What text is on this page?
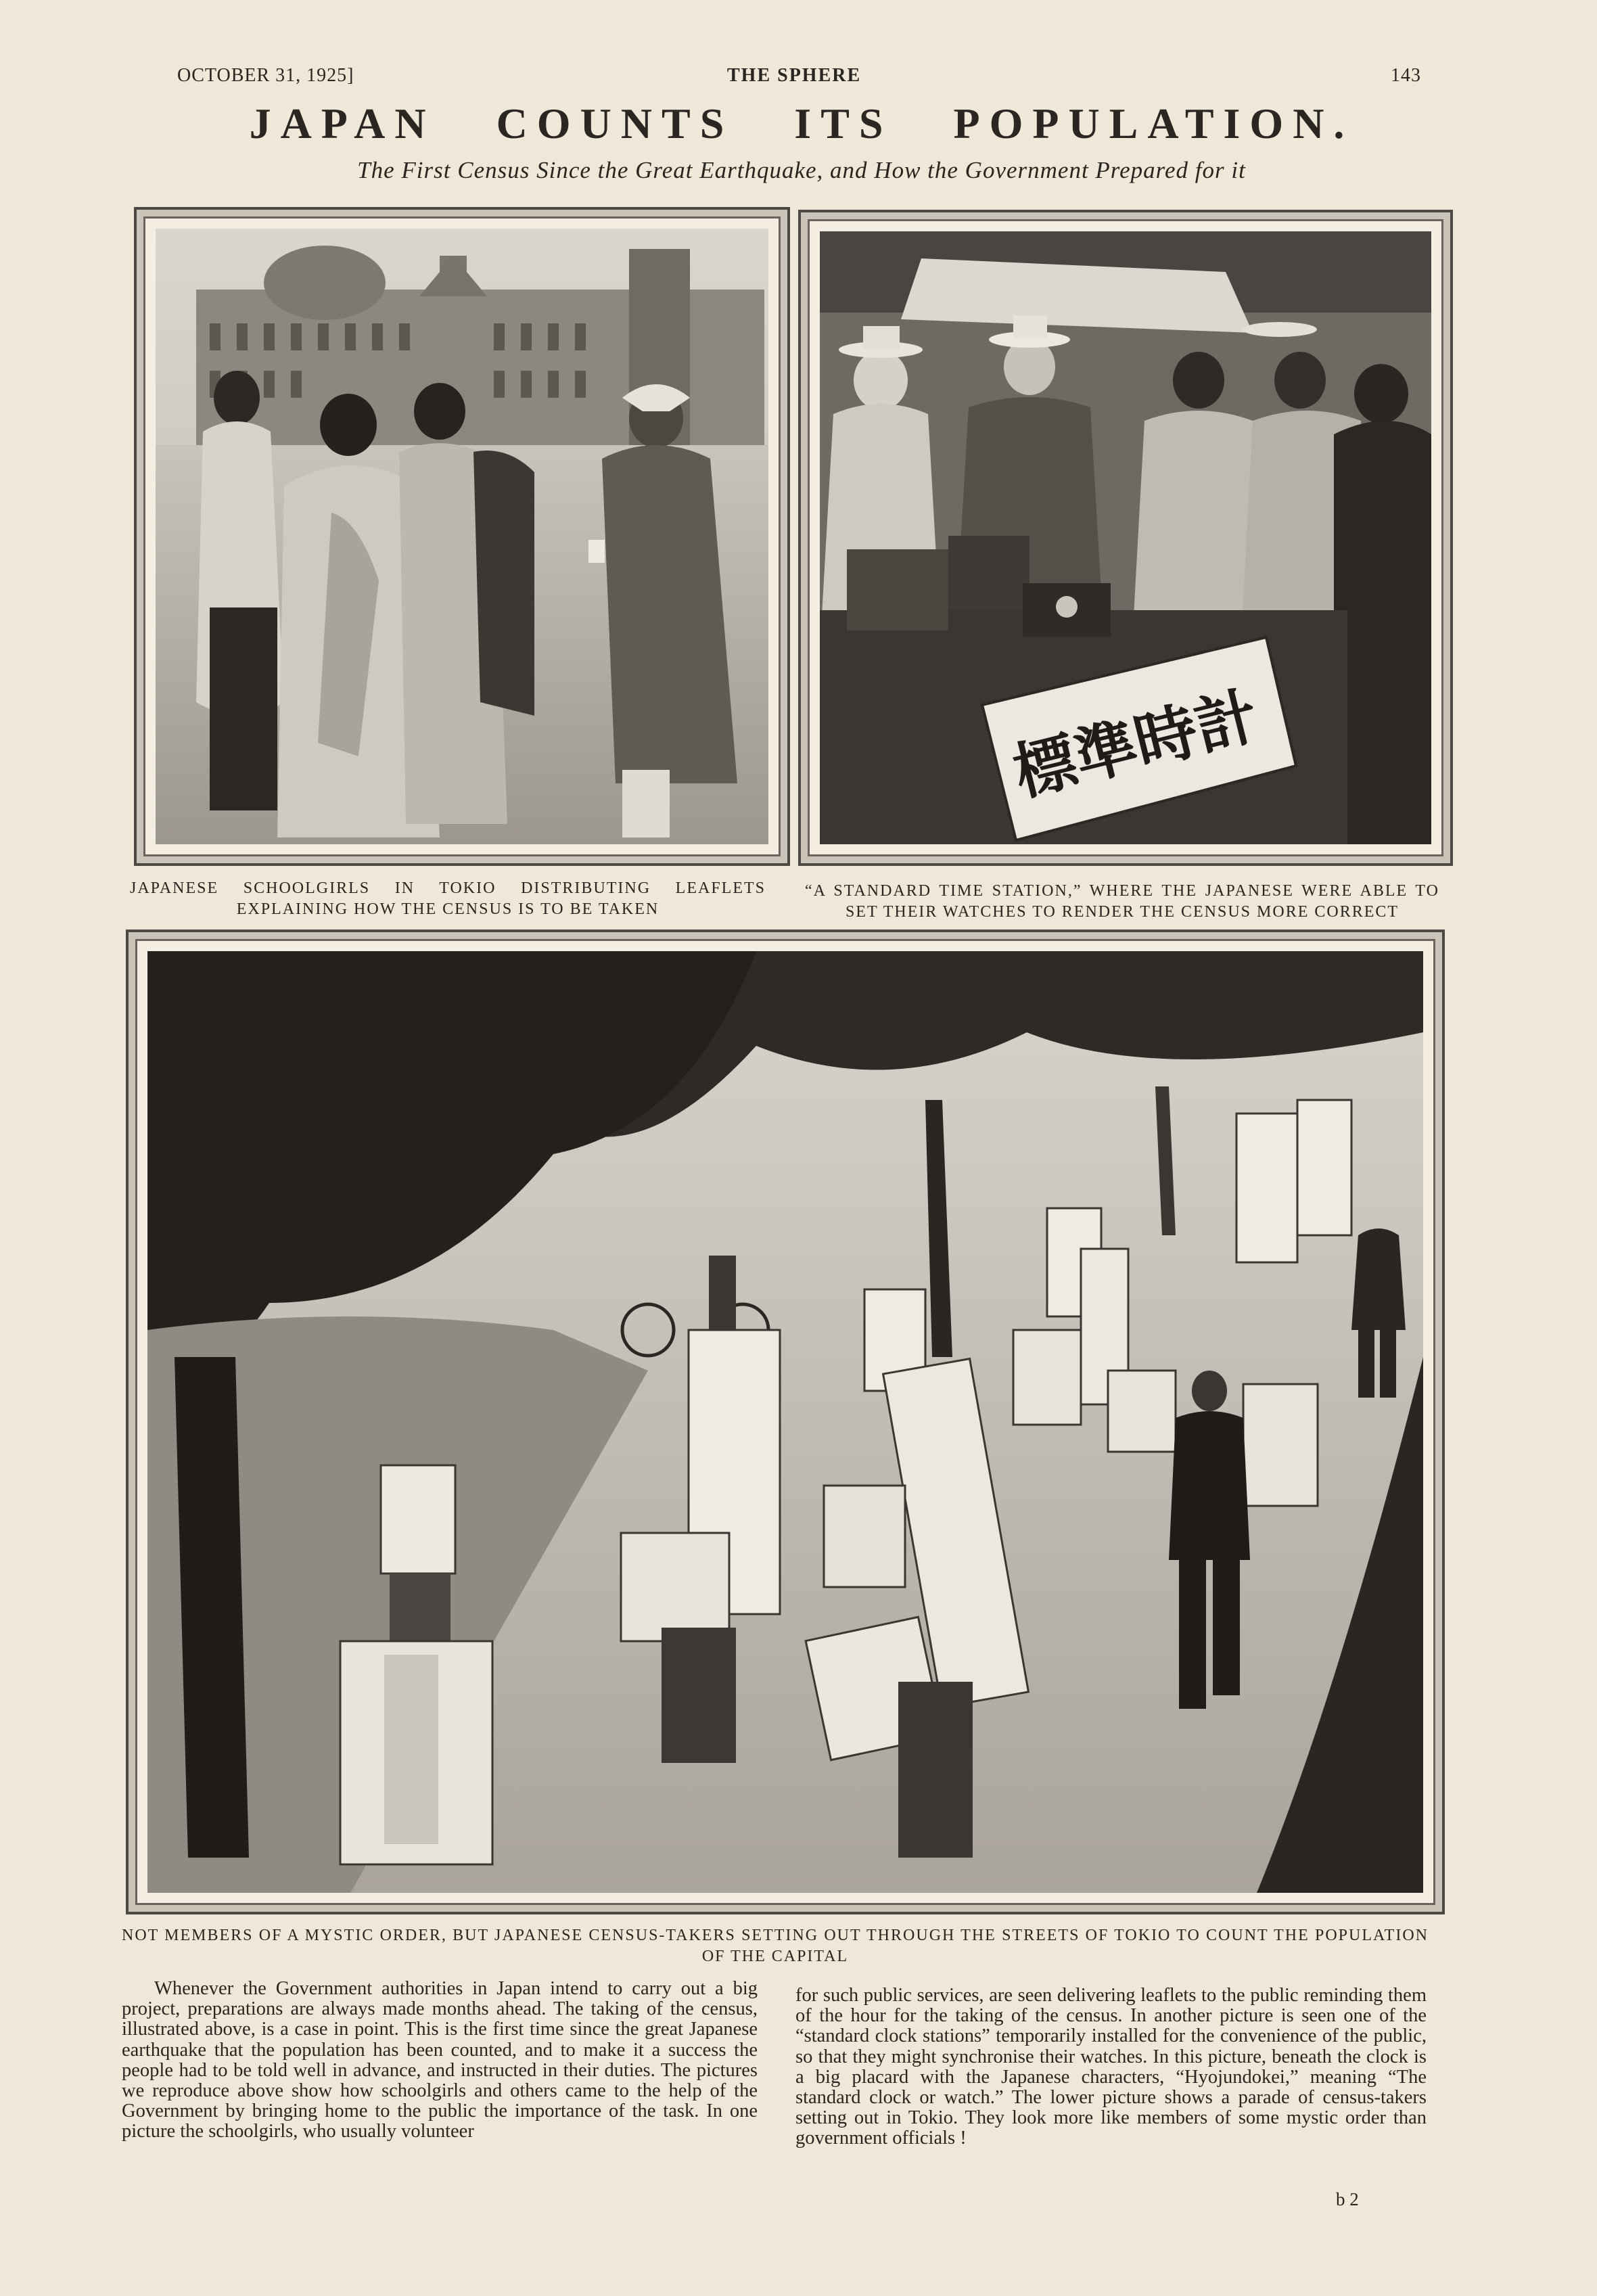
OCTOBER 31, 1925]	THE SPHERE	143
JAPAN COUNTS ITS POPULATION.
The First Census Since the Great Earthquake, and How the Government Prepared for it
標準時計
JAPANESE SCHOOLGIRLS IN TOKIO DISTRIBUTING LEAFLETS EXPLAINING HOW THE CENSUS IS TO BE TAKEN
“A STANDARD TIME STATION,” WHERE THE JAPANESE WERE ABLE TO SET THEIR WATCHES TO RENDER THE CENSUS MORE CORRECT
NOT MEMBERS OF A MYSTIC ORDER, BUT JAPANESE CENSUS-TAKERS SETTING OUT THROUGH THE STREETS OF TOKIO TO COUNT THE POPULATION OF THE CAPITAL

Whenever the Government authorities in Japan intend to carry out a big project, preparations are always made months ahead. The taking of the census, illustrated above, is a case in point. This is the first time since the great Japanese earthquake that the population has been counted, and to make it a success the people had to be told well in advance, and instructed in their duties. The pictures we reproduce above show how schoolgirls and others came to the help of the Government by bringing home to the public the importance of the task. In one picture the schoolgirls, who usually volunteer

for such public services, are seen delivering leaflets to the public reminding them of the hour for the taking of the census. In another picture is seen one of the “standard clock stations” temporarily installed for the convenience of the public, so that they might synchronise their watches. In this picture, beneath the clock is a big placard with the Japanese characters, “Hyojundokei,” meaning “The standard clock or watch.” The lower picture shows a parade of census-takers setting out in Tokio. They look more like members of some mystic order than government officials !

b 2
